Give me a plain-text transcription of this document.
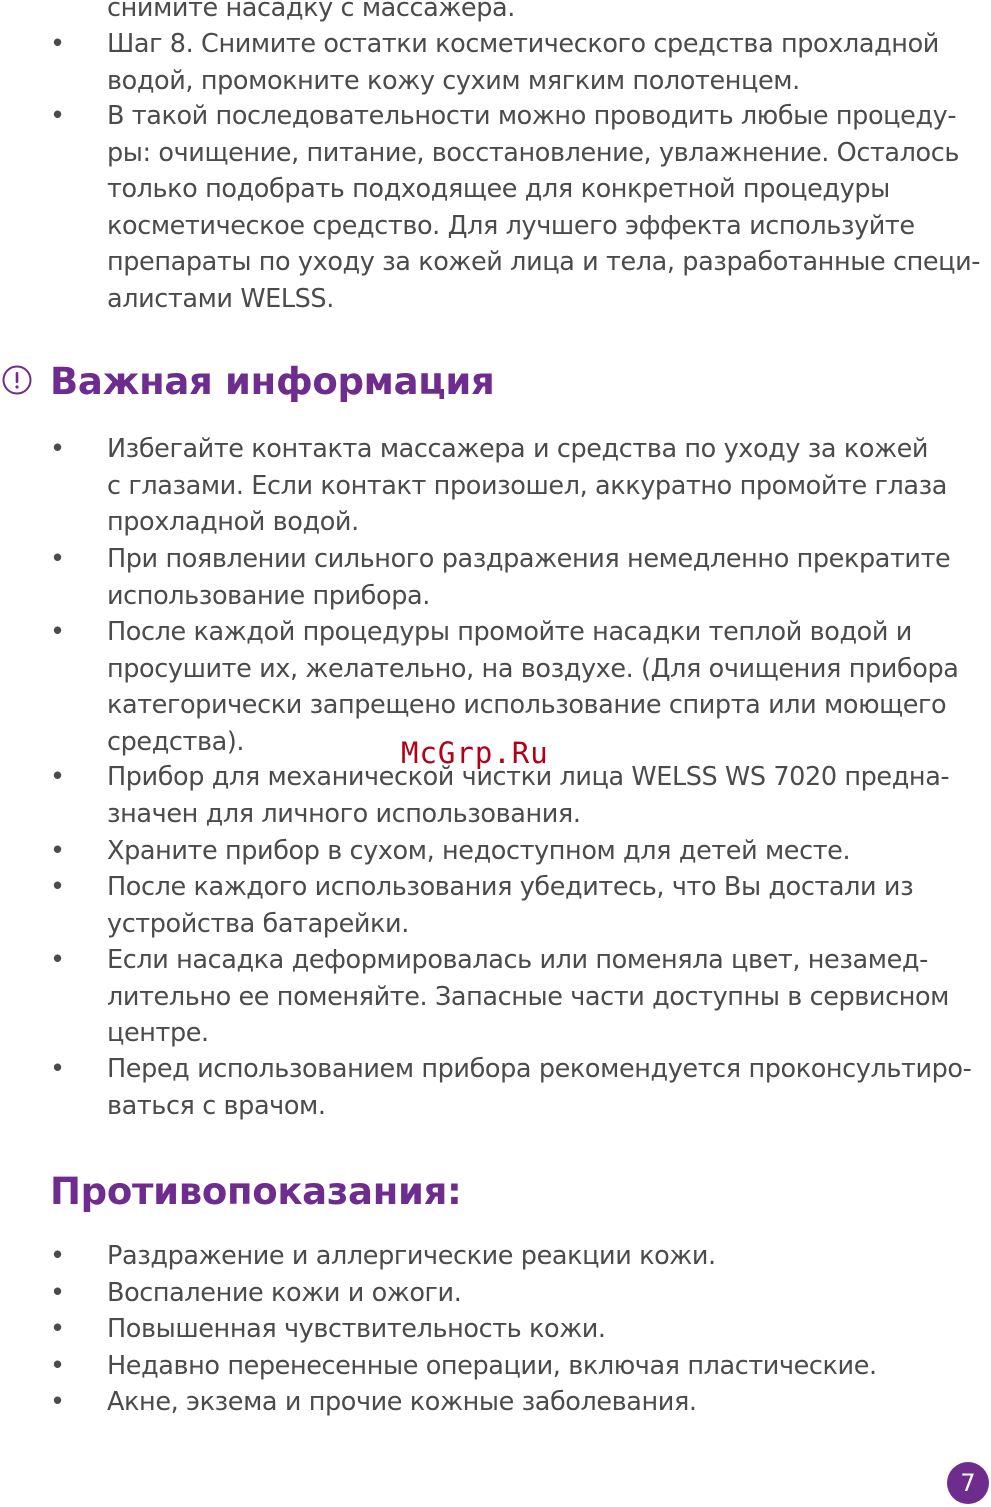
снимите насадку с массажера.
• Шаг 8. Снимите остатки косметического средства прохладной
водой, промокните кожу сухим мягким полотенцем.
• В такой последовательности можно проводить любые процеду-
ры: очищение, питание, восстановление, увлажнение. Осталось
только подобрать подходящее для конкретной процедуры
косметическое средство. Для лучшего эффекта используйте
препараты по уходу за кожей лица и тела, разработанные специ-
алистами WELSS.
Важная информация
• Избегайте контакта массажера и средства по уходу за кожей
с глазами. Если контакт произошел, аккуратно промойте глаза
прохладной водой.
• При появлении сильного раздражения немедленно прекратите
использование прибора.
• После каждой процедуры промойте насадки теплой водой и
просушите их, желательно, на воздухе. (Для очищения прибора
категорически запрещено использование спирта или моющего
средства).
• Прибор для механической чистки лица WELSS WS 7020 предна-
значен для личного использования.
• Храните прибор в сухом, недоступном для детей месте.
• После каждого использования убедитесь, что Вы достали из
устройства батарейки.
• Если насадка деформировалась или поменяла цвет, незамед-
лительно ее поменяйте. Запасные части доступны в сервисном
центре.
• Перед использованием прибора рекомендуется проконсультиро-
ваться с врачом.
Противопоказания:
• Раздражение и аллергические реакции кожи.
• Воспаление кожи и ожоги.
• Повышенная чувствительность кожи.
• Недавно перенесенные операции, включая пластические.
• Акне, экзема и прочие кожные заболевания.
McGrp.Ru
7
